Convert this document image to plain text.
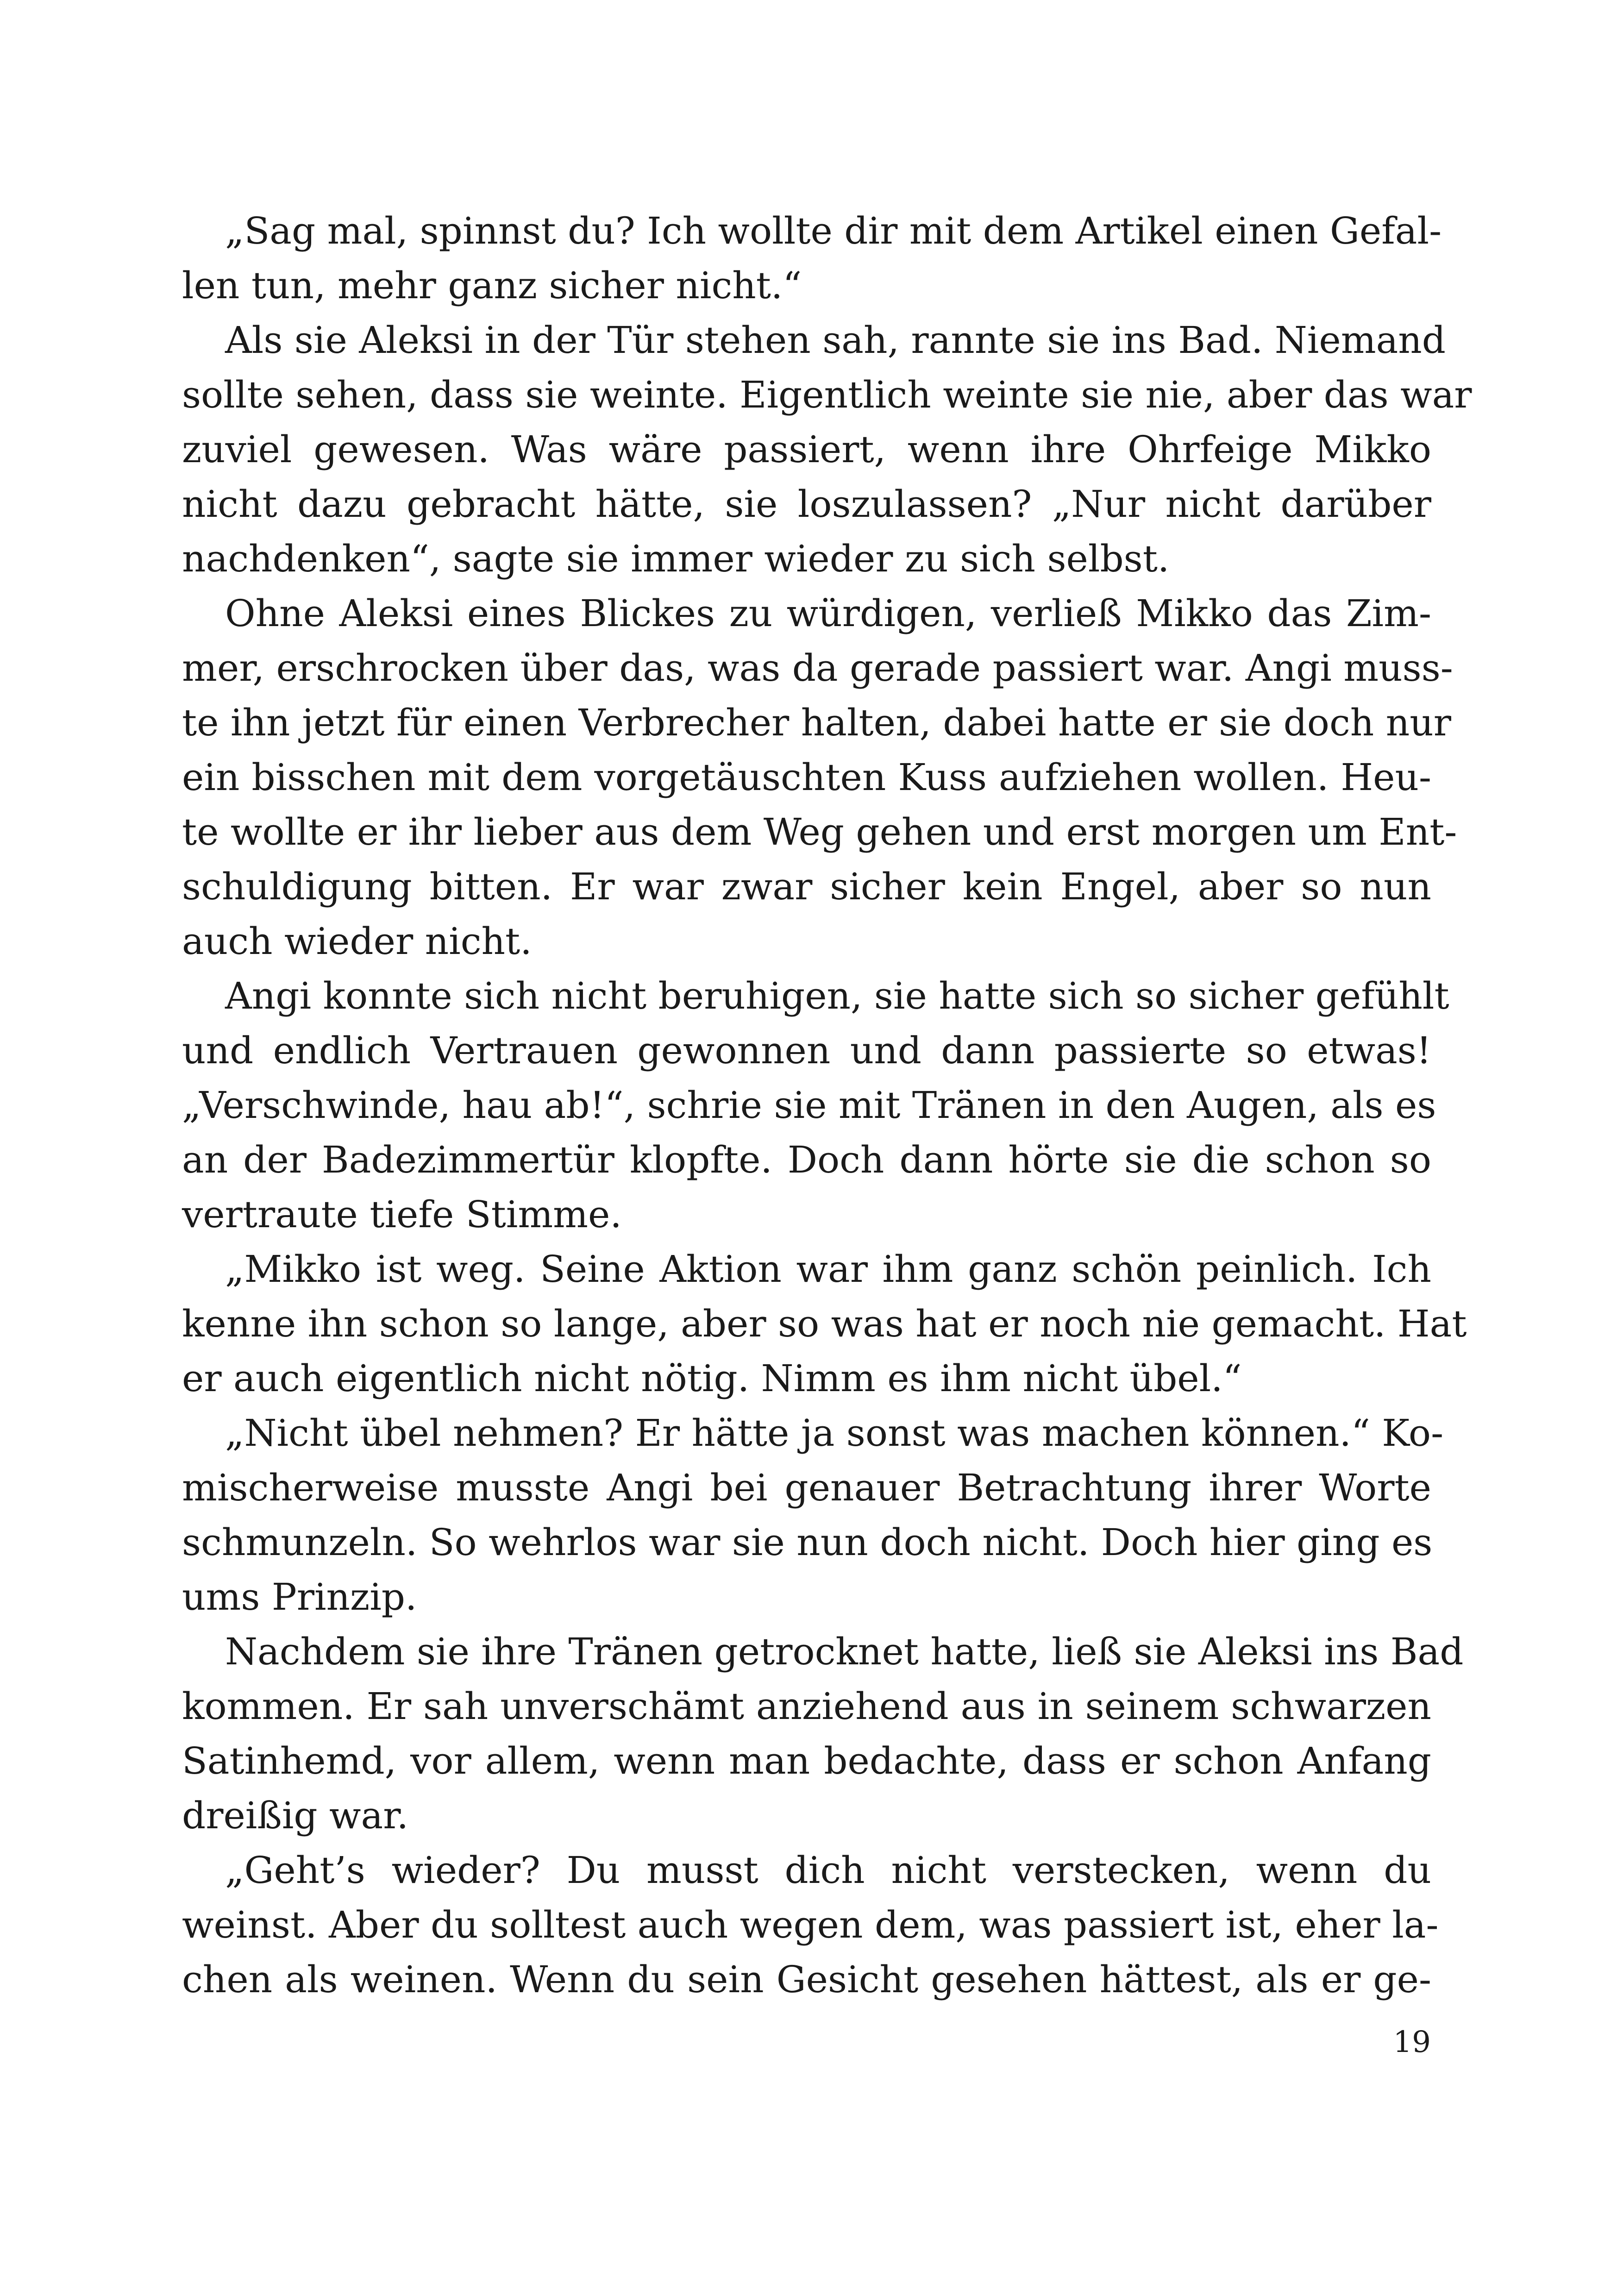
„Sag mal, spinnst du? Ich wollte dir mit dem Artikel einen Gefal-
len tun, mehr ganz sicher nicht.“
Als sie Aleksi in der Tür stehen sah, rannte sie ins Bad. Niemand
sollte sehen, dass sie weinte. Eigentlich weinte sie nie, aber das war
zuviel gewesen. Was wäre passiert, wenn ihre Ohrfeige Mikko
nicht dazu gebracht hätte, sie loszulassen? „Nur nicht darüber
nachdenken“, sagte sie immer wieder zu sich selbst.
Ohne Aleksi eines Blickes zu würdigen, verließ Mikko das Zim-
mer, erschrocken über das, was da gerade passiert war. Angi muss-
te ihn jetzt für einen Verbrecher halten, dabei hatte er sie doch nur
ein bisschen mit dem vorgetäuschten Kuss aufziehen wollen. Heu-
te wollte er ihr lieber aus dem Weg gehen und erst morgen um Ent-
schuldigung bitten. Er war zwar sicher kein Engel, aber so nun
auch wieder nicht.
Angi konnte sich nicht beruhigen, sie hatte sich so sicher gefühlt
und endlich Vertrauen gewonnen und dann passierte so etwas!
„Verschwinde, hau ab!“, schrie sie mit Tränen in den Augen, als es
an der Badezimmertür klopfte. Doch dann hörte sie die schon so
vertraute tiefe Stimme.
„Mikko ist weg. Seine Aktion war ihm ganz schön peinlich. Ich
kenne ihn schon so lange, aber so was hat er noch nie gemacht. Hat
er auch eigentlich nicht nötig. Nimm es ihm nicht übel.“
„Nicht übel nehmen? Er hätte ja sonst was machen können.“ Ko-
mischerweise musste Angi bei genauer Betrachtung ihrer Worte
schmunzeln. So wehrlos war sie nun doch nicht. Doch hier ging es
ums Prinzip.
Nachdem sie ihre Tränen getrocknet hatte, ließ sie Aleksi ins Bad
kommen. Er sah unverschämt anziehend aus in seinem schwarzen
Satinhemd, vor allem, wenn man bedachte, dass er schon Anfang
dreißig war.
„Geht’s wieder? Du musst dich nicht verstecken, wenn du
weinst. Aber du solltest auch wegen dem, was passiert ist, eher la-
chen als weinen. Wenn du sein Gesicht gesehen hättest, als er ge-
19
